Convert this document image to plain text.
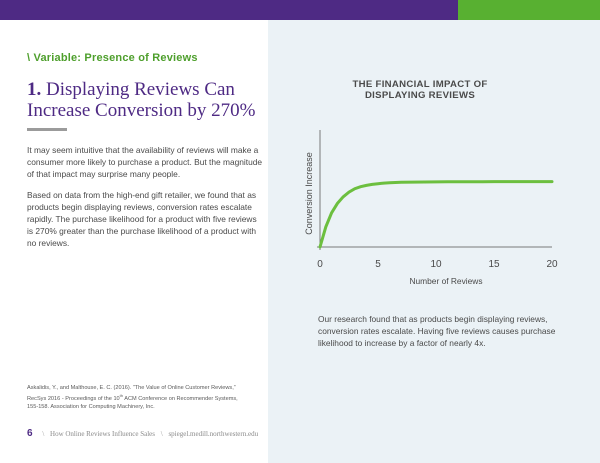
\ Variable: Presence of Reviews
1. Displaying Reviews Can Increase Conversion by 270%

It may seem intuitive that the availability of reviews will make a consumer more likely to purchase a product. But the magnitude of that impact may surprise many people.

Based on data from the high-end gift retailer, we found that as products begin displaying reviews, conversion rates escalate rapidly. The purchase likelihood for a product with five reviews is 270% greater than the purchase likelihood of a product with no reviews.

Askalidis, Y., and Malthouse, E. C. (2016). “The Value of Online Customer Reviews,”
RecSys 2016 - Proceedings of the 10th ACM Conference on Recommender Systems,
155-158. Association for Computing Machinery, Inc.
6 \ How Online Reviews Influence Sales \ spiegel.medill.northwestern.edu
THE FINANCIAL IMPACT OF
DISPLAYING REVIEWS
0	5	10	15	20
Conversion Increase
Number of Reviews

Our research found that as products begin displaying reviews, conversion rates escalate. Having five reviews causes purchase likelihood to increase by a factor of nearly 4x.
